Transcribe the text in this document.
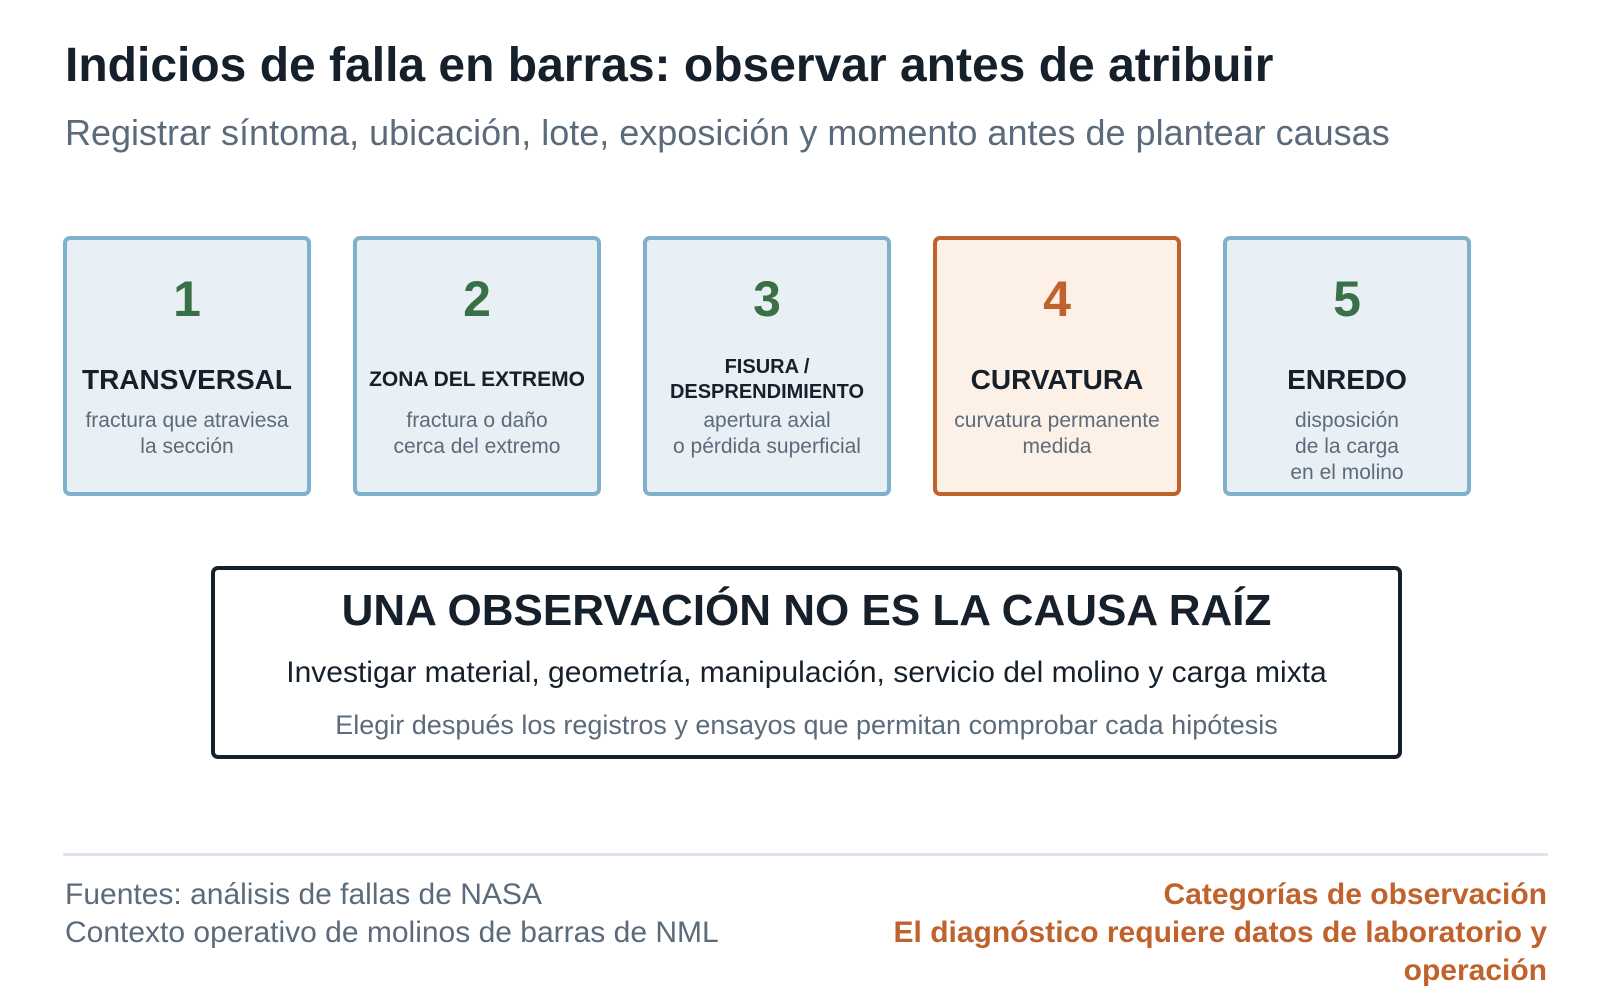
Indicios de falla en barras: observar antes de atribuir
Registrar síntoma, ubicación, lote, exposición y momento antes de plantear causas
1
TRANSVERSAL
fractura que atraviesa
la sección
2
ZONA DEL EXTREMO
fractura o daño
cerca del extremo
3
FISURA /
DESPRENDIMIENTO
apertura axial
o pérdida superficial
4
CURVATURA
curvatura permanente
medida
5
ENREDO
disposición
de la carga
en el molino
UNA OBSERVACIÓN NO ES LA CAUSA RAÍZ
Investigar material, geometría, manipulación, servicio del molino y carga mixta
Elegir después los registros y ensayos que permitan comprobar cada hipótesis
Fuentes: análisis de fallas de NASA
Contexto operativo de molinos de barras de NML
Categorías de observación
El diagnóstico requiere datos de laboratorio y operación
